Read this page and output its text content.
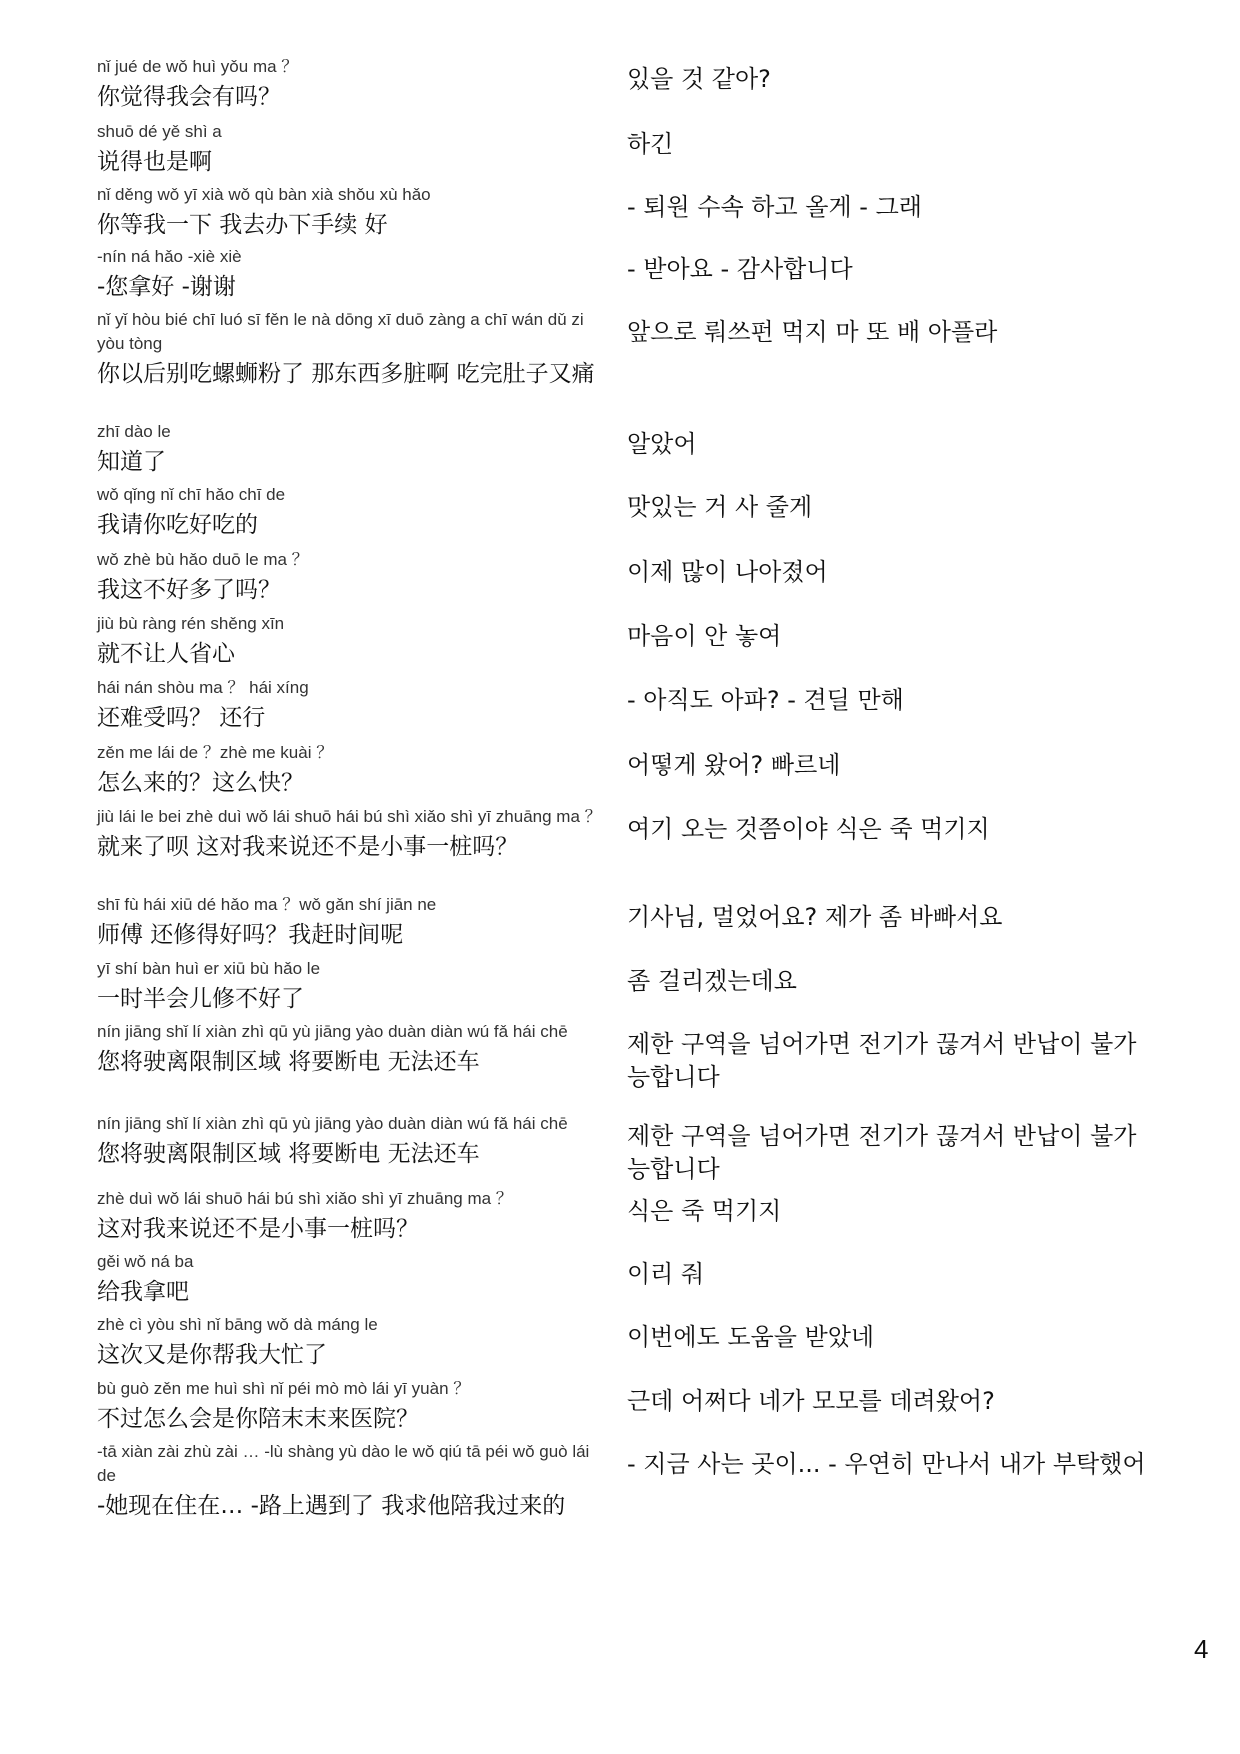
nǐ jué de wǒ huì yǒu ma ？
你觉得我会有吗？
있을 것 같아?
shuō dé yě shì a
说得也是啊
하긴
nǐ děng wǒ yī xià wǒ qù bàn xià shǒu xù hǎo
你等我一下 我去办下手续 好
- 퇴원 수속 하고 올게 - 그래
-nín ná hǎo -xiè xiè
-您拿好 -谢谢
- 받아요 - 감사합니다
nǐ yǐ hòu bié chī luó sī fěn le nà dōng xī duō zàng a chī wán dǔ zi yòu tòng
你以后别吃螺蛳粉了 那东西多脏啊 吃完肚子又痛
앞으로 뤄쓰펀 먹지 마 또 배 아플라
zhī dào le
知道了
알았어
wǒ qǐng nǐ chī hǎo chī de
我请你吃好吃的
맛있는 거 사 줄게
wǒ zhè bù hǎo duō le ma ？
我这不好多了吗？
이제 많이 나아졌어
jiù bù ràng rén shěng xīn
就不让人省心
마음이 안 놓여
hái nán shòu ma ？ hái xíng
还难受吗？ 还行
- 아직도 아파? - 견딜 만해
zěn me lái de ？zhè me kuài ？
怎么来的？这么快？
어떻게 왔어? 빠르네
jiù lái le bei zhè duì wǒ lái shuō hái bú shì xiǎo shì yī zhuāng ma ？
就来了呗 这对我来说还不是小事一桩吗？
여기 오는 것쯤이야 식은 죽 먹기지
shī fù hái xiū dé hǎo ma ？wǒ gǎn shí jiān ne
师傅 还修得好吗？我赶时间呢
기사님, 멀었어요? 제가 좀 바빠서요
yī shí bàn huì er xiū bù hǎo le
一时半会儿修不好了
좀 걸리겠는데요
nín jiāng shǐ lí xiàn zhì qū yù jiāng yào duàn diàn wú fǎ hái chē
您将驶离限制区域 将要断电 无法还车
제한 구역을 넘어가면 전기가 끊겨서 반납이 불가능합니다
nín jiāng shǐ lí xiàn zhì qū yù jiāng yào duàn diàn wú fǎ hái chē
您将驶离限制区域 将要断电 无法还车
제한 구역을 넘어가면 전기가 끊겨서 반납이 불가능합니다
zhè duì wǒ lái shuō hái bú shì xiǎo shì yī zhuāng ma ？
这对我来说还不是小事一桩吗？
식은 죽 먹기지
gěi wǒ ná ba
给我拿吧
이리 줘
zhè cì yòu shì nǐ bāng wǒ dà máng le
这次又是你帮我大忙了
이번에도 도움을 받았네
bù guò zěn me huì shì nǐ péi mò mò lái yī yuàn ？
不过怎么会是你陪末末来医院？
근데 어쩌다 네가 모모를 데려왔어?
-tā xiàn zài zhù zài … -lù shàng yù dào le wǒ qiú tā péi wǒ guò lái de
-她现在住在… -路上遇到了 我求他陪我过来的
- 지금 사는 곳이... - 우연히 만나서 내가 부탁했어
4
